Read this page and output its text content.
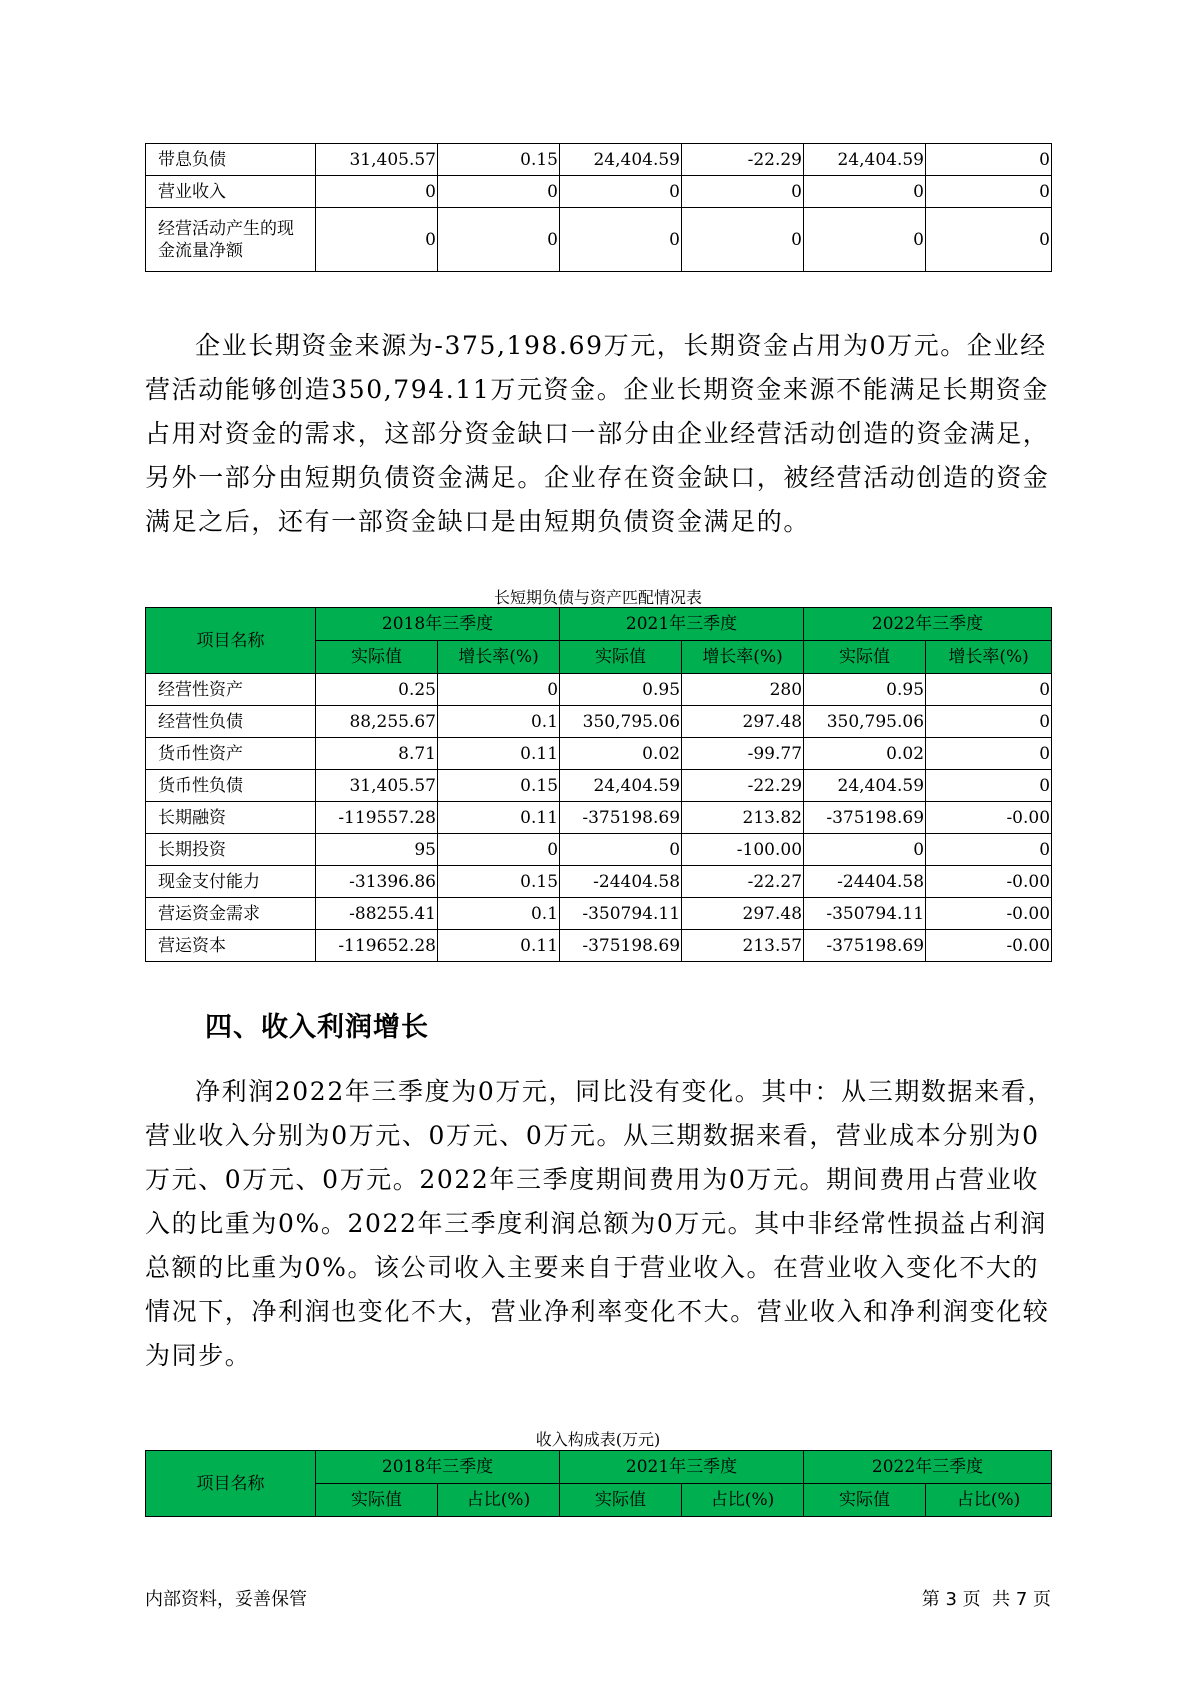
带息负债	31,405.57	0.15	24,404.59	-22.29	24,404.59	0
营业收入	0	0	0	0	0	0
经营活动产生的现金流量净额	0	0	0	0	0	0

企业长期资金来源为-375,198.69万元，长期资金占用为0万元。企业经营活动能够创造350,794.11万元资金。企业长期资金来源不能满足长期资金占用对资金的需求，这部分资金缺口一部分由企业经营活动创造的资金满足，另外一部分由短期负债资金满足。企业存在资金缺口，被经营活动创造的资金满足之后，还有一部资金缺口是由短期负债资金满足的。

长短期负债与资产匹配情况表
项目名称	2018年三季度		2021年三季度		2022年三季度	
	实际值	增长率(%)	实际值	增长率(%)	实际值	增长率(%)
经营性资产	0.25	0	0.95	280	0.95	0
经营性负债	88,255.67	0.1	350,795.06	297.48	350,795.06	0
货币性资产	8.71	0.11	0.02	-99.77	0.02	0
货币性负债	31,405.57	0.15	24,404.59	-22.29	24,404.59	0
长期融资	-119557.28	0.11	-375198.69	213.82	-375198.69	-0.00
长期投资	95	0	0	-100.00	0	0
现金支付能力	-31396.86	0.15	-24404.58	-22.27	-24404.58	-0.00
营运资金需求	-88255.41	0.1	-350794.11	297.48	-350794.11	-0.00
营运资本	-119652.28	0.11	-375198.69	213.57	-375198.69	-0.00
四、收入利润增长

净利润2022年三季度为0万元，同比没有变化。其中：从三期数据来看，营业收入分别为0万元、0万元、0万元。从三期数据来看，营业成本分别为0万元、0万元、0万元。2022年三季度期间费用为0万元。期间费用占营业收入的比重为0%。2022年三季度利润总额为0万元。其中非经常性损益占利润总额的比重为0%。该公司收入主要来自于营业收入。在营业收入变化不大的情况下，净利润也变化不大，营业净利率变化不大。营业收入和净利润变化较为同步。

收入构成表(万元)
项目名称	2018年三季度		2021年三季度		2022年三季度	
	实际值	占比(%)	实际值	占比(%)	实际值	占比(%)
内部资料，妥善保管	第 3 页  共 7 页
